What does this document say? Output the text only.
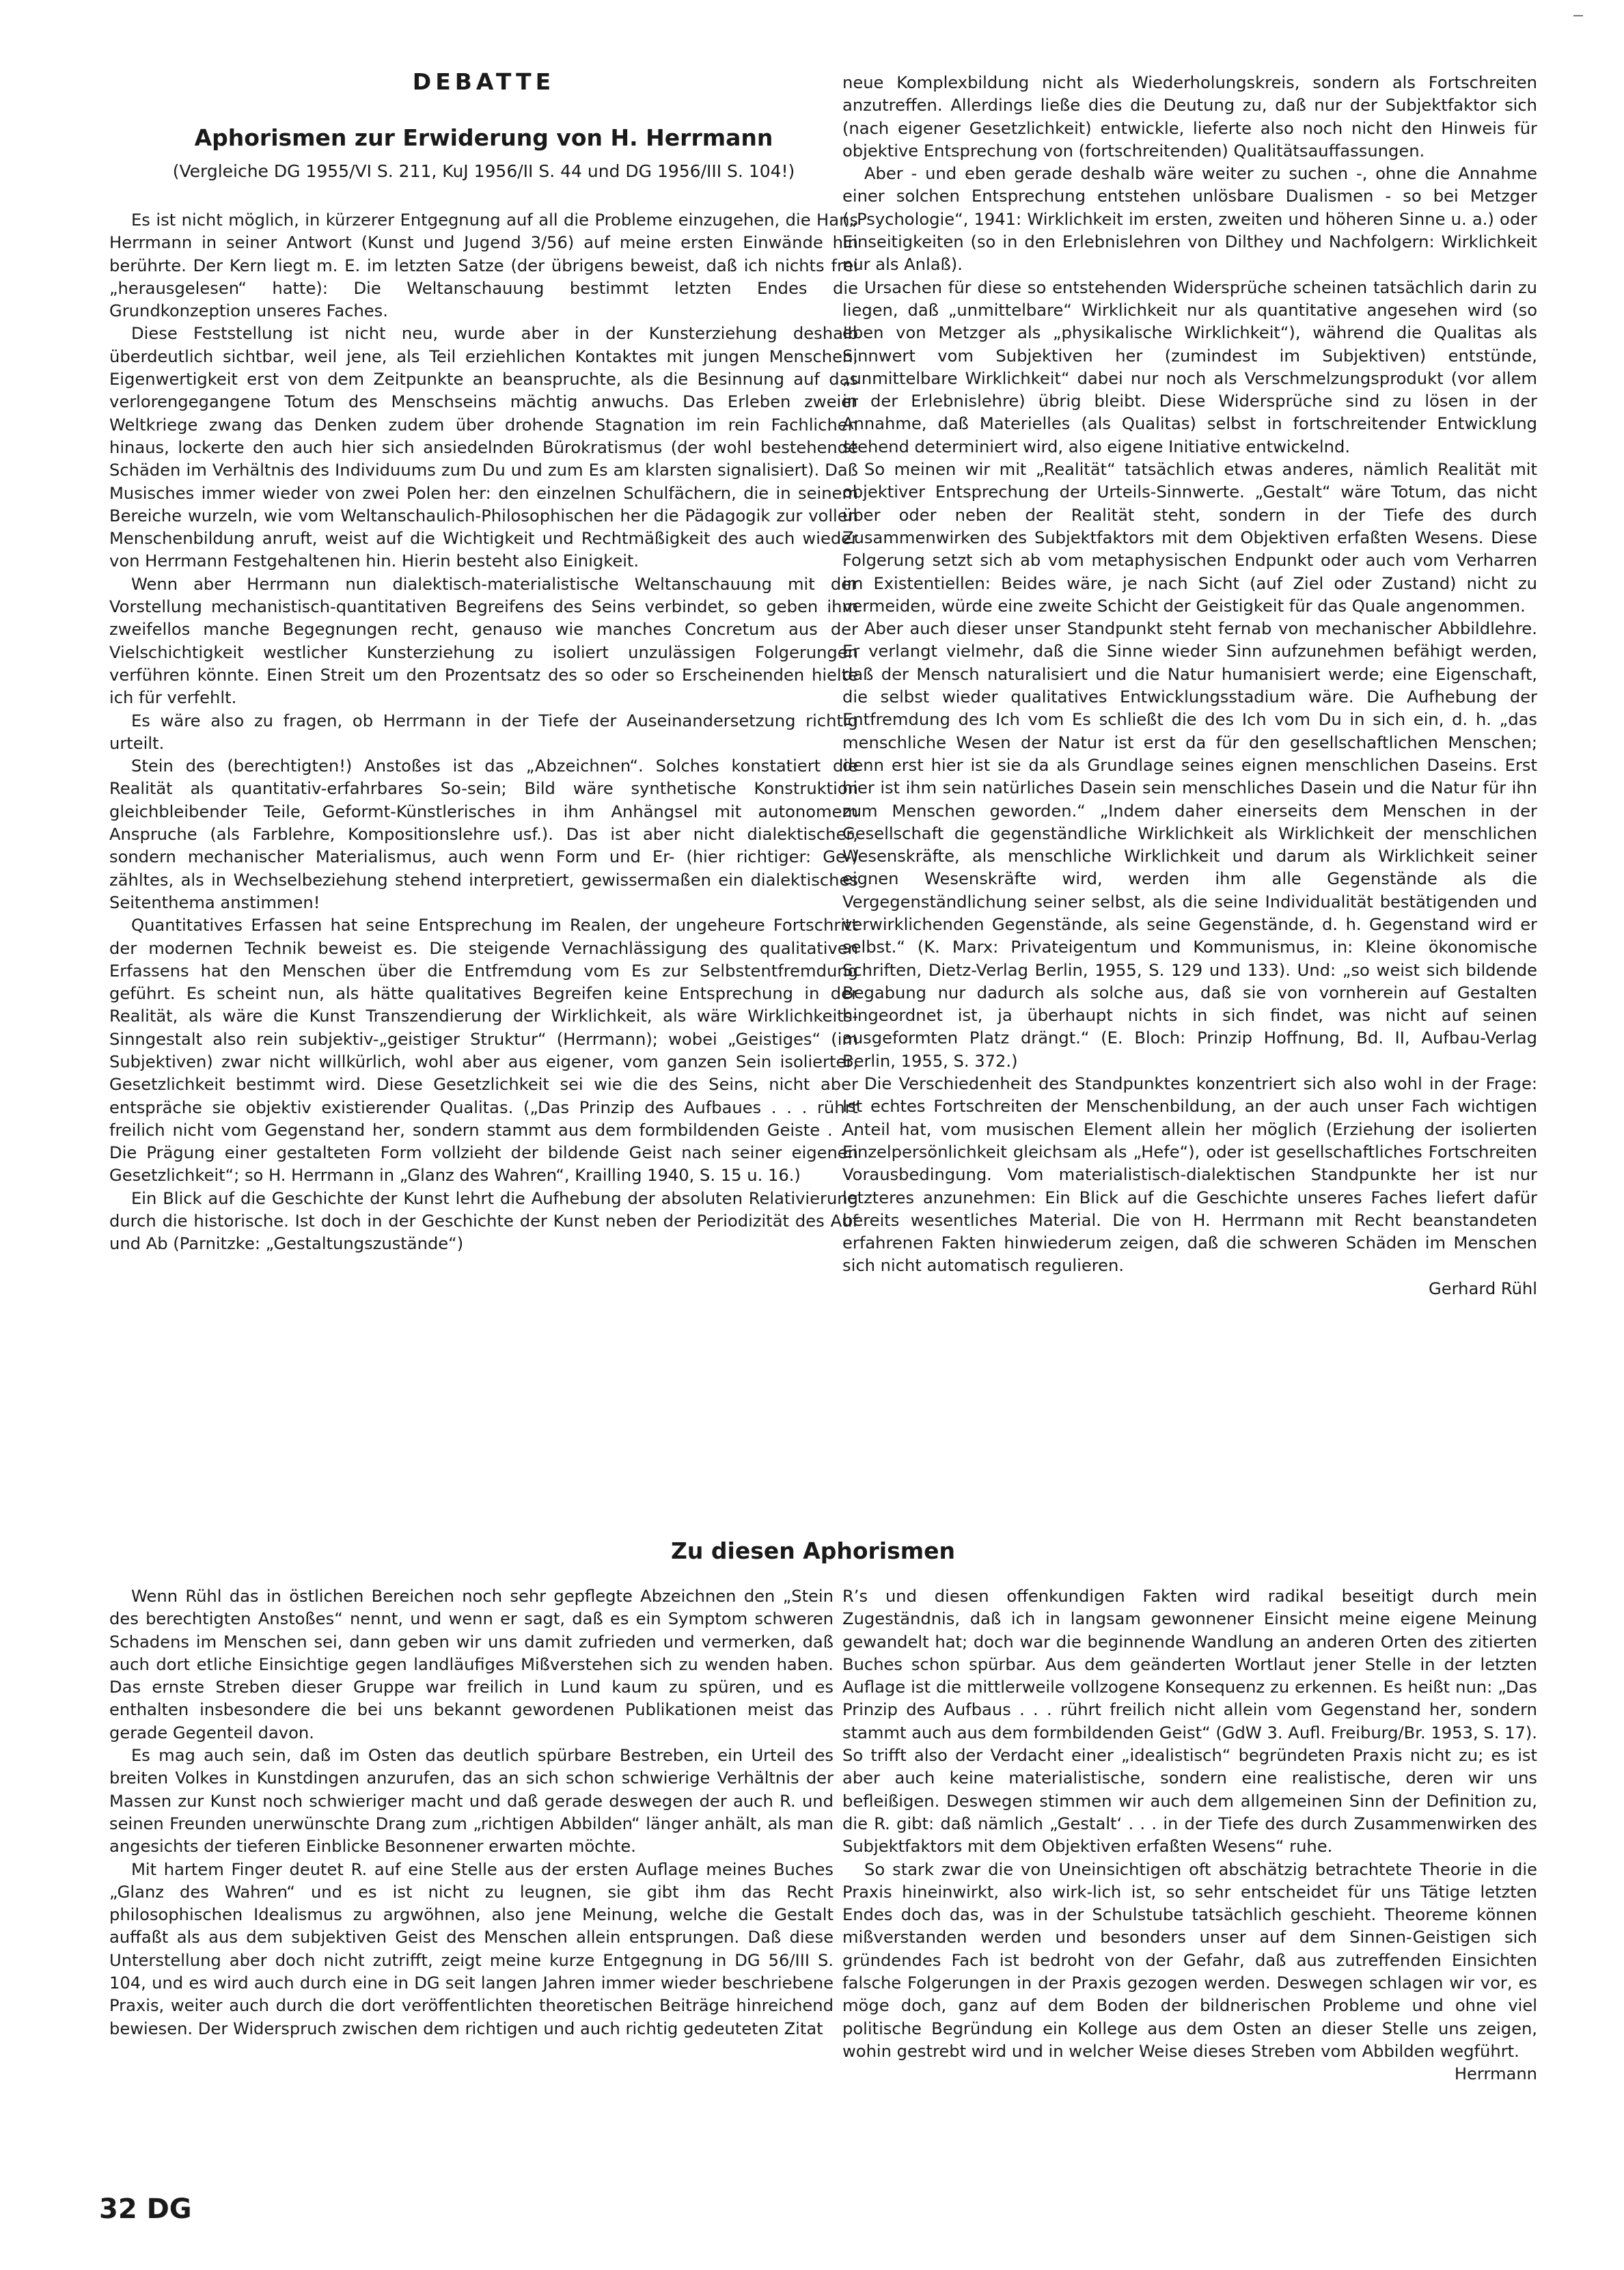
DEBATTE
Aphorismen zur Erwiderung von H. Herrmann
(Vergleiche DG 1955/VI S. 211, KuJ 1956/II S. 44 und DG 1956/III S. 104!)

Es ist nicht möglich, in kürzerer Entgegnung auf all die Probleme einzugehen, die Hans Herrmann in seiner Antwort (Kunst und Jugend 3/56) auf meine ersten Einwände hin berührte. Der Kern liegt m. E. im letzten Satze (der übrigens beweist, daß ich nichts frei „herausgelesen“ hatte): Die Weltanschauung bestimmt letzten Endes die Grundkonzeption unseres Faches.

Diese Feststellung ist nicht neu, wurde aber in der Kunsterziehung deshalb überdeutlich sichtbar, weil jene, als Teil erziehlichen Kontaktes mit jungen Menschen, Eigenwertigkeit erst von dem Zeitpunkte an beanspruchte, als die Besinnung auf das verlorengegangene Totum des Menschseins mächtig anwuchs. Das Erleben zweier Weltkriege zwang das Denken zudem über drohende Stagnation im rein Fachlichen hinaus, lockerte den auch hier sich ansiedelnden Bürokratismus (der wohl bestehende Schäden im Verhältnis des Individuums zum Du und zum Es am klarsten signalisiert). Daß Musisches immer wieder von zwei Polen her: den einzelnen Schulfächern, die in seinem Bereiche wurzeln, wie vom Weltanschaulich-Philosophischen her die Pädagogik zur vollen Menschenbildung anruft, weist auf die Wichtigkeit und Rechtmäßigkeit des auch wieder von Herrmann Festgehaltenen hin. Hierin besteht also Einigkeit.

Wenn aber Herrmann nun dialektisch-materialistische Weltanschauung mit der Vorstellung mechanistisch-quantitativen Begreifens des Seins verbindet, so geben ihm zweifellos manche Begegnungen recht, genauso wie manches Concretum aus der Vielschichtigkeit westlicher Kunsterziehung zu isoliert unzulässigen Folgerungen verführen könnte. Einen Streit um den Prozentsatz des so oder so Erscheinenden hielte ich für verfehlt.

Es wäre also zu fragen, ob Herrmann in der Tiefe der Auseinandersetzung richtig urteilt.

Stein des (berechtigten!) Anstoßes ist das „Abzeichnen“. Solches konstatiert die Realität als quantitativ-erfahrbares So-sein; Bild wäre synthetische Konstruktion gleichbleibender Teile, Geformt-Künstlerisches in ihm Anhängsel mit autonomem Anspruche (als Farblehre, Kompositionslehre usf.). Das ist aber nicht dialektischer, sondern mechanischer Materialismus, auch wenn Form und Er- (hier richtiger: Ge-) zähltes, als in Wechselbeziehung stehend interpretiert, gewissermaßen ein dialektisches Seitenthema anstimmen!

Quantitatives Erfassen hat seine Entsprechung im Realen, der ungeheure Fortschritt der modernen Technik beweist es. Die steigende Vernachlässigung des qualitativen Erfassens hat den Menschen über die Entfremdung vom Es zur Selbstentfremdung geführt. Es scheint nun, als hätte qualitatives Begreifen keine Entsprechung in der Realität, als wäre die Kunst Transzendierung der Wirklichkeit, als wäre Wirklichkeits-Sinngestalt also rein subjektiv-„geistiger Struktur“ (Herrmann); wobei „Geistiges“ (im Subjektiven) zwar nicht willkürlich, wohl aber aus eigener, vom ganzen Sein isolierter, Gesetzlichkeit bestimmt wird. Diese Gesetzlichkeit sei wie die des Seins, nicht aber entspräche sie objektiv existierender Qualitas. („Das Prinzip des Aufbaues . . . rührt freilich nicht vom Gegenstand her, sondern stammt aus dem formbildenden Geiste . . . Die Prägung einer gestalteten Form vollzieht der bildende Geist nach seiner eigenen Gesetzlichkeit“; so H. Herrmann in „Glanz des Wahren“, Krailling 1940, S. 15 u. 16.)

Ein Blick auf die Geschichte der Kunst lehrt die Aufhebung der absoluten Relativierung durch die historische. Ist doch in der Geschichte der Kunst neben der Periodizität des Auf und Ab (Parnitzke: „Gestaltungszustände“)

neue Komplexbildung nicht als Wiederholungskreis, sondern als Fortschreiten anzutreffen. Allerdings ließe dies die Deutung zu, daß nur der Subjektfaktor sich (nach eigener Gesetzlichkeit) entwickle, lieferte also noch nicht den Hinweis für objektive Entsprechung von (fortschreitenden) Qualitätsauffassungen.

Aber - und eben gerade deshalb wäre weiter zu suchen -, ohne die Annahme einer solchen Entsprechung entstehen unlösbare Dualismen - so bei Metzger („Psychologie“, 1941: Wirklichkeit im ersten, zweiten und höheren Sinne u. a.) oder Einseitigkeiten (so in den Erlebnislehren von Dilthey und Nachfolgern: Wirklichkeit nur als Anlaß).

Ursachen für diese so entstehenden Widersprüche scheinen tatsächlich darin zu liegen, daß „unmittelbare“ Wirklichkeit nur als quantitative angesehen wird (so eben von Metzger als „physikalische Wirklichkeit“), während die Qualitas als Sinnwert vom Subjektiven her (zumindest im Subjektiven) entstünde, „unmittelbare Wirklichkeit“ dabei nur noch als Verschmelzungsprodukt (vor allem in der Erlebnislehre) übrig bleibt. Diese Widersprüche sind zu lösen in der Annahme, daß Materielles (als Qualitas) selbst in fortschreitender Entwicklung stehend determiniert wird, also eigene Initiative entwickelnd.

So meinen wir mit „Realität“ tatsächlich etwas anderes, nämlich Realität mit objektiver Entsprechung der Urteils-Sinnwerte. „Gestalt“ wäre Totum, das nicht über oder neben der Realität steht, sondern in der Tiefe des durch Zusammenwirken des Subjektfaktors mit dem Objektiven erfaßten Wesens. Diese Folgerung setzt sich ab vom metaphysischen Endpunkt oder auch vom Verharren im Existentiellen: Beides wäre, je nach Sicht (auf Ziel oder Zustand) nicht zu vermeiden, würde eine zweite Schicht der Geistigkeit für das Quale angenommen.

Aber auch dieser unser Standpunkt steht fernab von mechanischer Abbildlehre. Er verlangt vielmehr, daß die Sinne wieder Sinn aufzunehmen befähigt werden, daß der Mensch naturalisiert und die Natur humanisiert werde; eine Eigenschaft, die selbst wieder qualitatives Entwicklungsstadium wäre. Die Aufhebung der Entfremdung des Ich vom Es schließt die des Ich vom Du in sich ein, d. h. „das menschliche Wesen der Natur ist erst da für den gesellschaftlichen Menschen; denn erst hier ist sie da als Grundlage seines eignen menschlichen Daseins. Erst hier ist ihm sein natürliches Dasein sein menschliches Dasein und die Natur für ihn zum Menschen geworden.“ „Indem daher einerseits dem Menschen in der Gesellschaft die gegenständliche Wirklichkeit als Wirklichkeit der menschlichen Wesenskräfte, als menschliche Wirklichkeit und darum als Wirklichkeit seiner eignen Wesenskräfte wird, werden ihm alle Gegenstände als die Vergegenständlichung seiner selbst, als die seine Individualität bestätigenden und verwirklichenden Gegenstände, als seine Gegenstände, d. h. Gegenstand wird er selbst.“ (K. Marx: Privateigentum und Kommunismus, in: Kleine ökonomische Schriften, Dietz-Verlag Berlin, 1955, S. 129 und 133). Und: „so weist sich bildende Begabung nur dadurch als solche aus, daß sie von vornherein auf Gestalten hingeordnet ist, ja überhaupt nichts in sich findet, was nicht auf seinen ausgeformten Platz drängt.“ (E. Bloch: Prinzip Hoffnung, Bd. II, Aufbau-Verlag Berlin, 1955, S. 372.)

Die Verschiedenheit des Standpunktes konzentriert sich also wohl in der Frage: Ist echtes Fortschreiten der Menschenbildung, an der auch unser Fach wichtigen Anteil hat, vom musischen Element allein her möglich (Erziehung der isolierten Einzelpersönlichkeit gleichsam als „Hefe“), oder ist gesellschaftliches Fortschreiten Vorausbedingung. Vom materialistisch-dialektischen Standpunkte her ist nur letzteres anzunehmen: Ein Blick auf die Geschichte unseres Faches liefert dafür bereits wesentliches Material. Die von H. Herrmann mit Recht beanstandeten erfahrenen Fakten hinwiederum zeigen, daß die schweren Schäden im Menschen sich nicht automatisch regulieren.

Gerhard Rühl

Zu diesen Aphorismen

Wenn Rühl das in östlichen Bereichen noch sehr gepflegte Abzeichnen den „Stein des berechtigten Anstoßes“ nennt, und wenn er sagt, daß es ein Symptom schweren Schadens im Menschen sei, dann geben wir uns damit zufrieden und vermerken, daß auch dort etliche Einsichtige gegen landläufiges Mißverstehen sich zu wenden haben. Das ernste Streben dieser Gruppe war freilich in Lund kaum zu spüren, und es enthalten insbesondere die bei uns bekannt gewordenen Publikationen meist das gerade Gegenteil davon.

Es mag auch sein, daß im Osten das deutlich spürbare Bestreben, ein Urteil des breiten Volkes in Kunstdingen anzurufen, das an sich schon schwierige Verhältnis der Massen zur Kunst noch schwieriger macht und daß gerade deswegen der auch R. und seinen Freunden unerwünschte Drang zum „richtigen Abbilden“ länger anhält, als man angesichts der tieferen Einblicke Besonnener erwarten möchte.

Mit hartem Finger deutet R. auf eine Stelle aus der ersten Auflage meines Buches „Glanz des Wahren“ und es ist nicht zu leugnen, sie gibt ihm das Recht philosophischen Idealismus zu argwöhnen, also jene Meinung, welche die Gestalt auffaßt als aus dem subjektiven Geist des Menschen allein entsprungen. Daß diese Unterstellung aber doch nicht zutrifft, zeigt meine kurze Entgegnung in DG 56/III S. 104, und es wird auch durch eine in DG seit langen Jahren immer wieder beschriebene Praxis, weiter auch durch die dort veröffentlichten theoretischen Beiträge hinreichend bewiesen. Der Widerspruch zwischen dem richtigen und auch richtig gedeuteten Zitat

R’s und diesen offenkundigen Fakten wird radikal beseitigt durch mein Zugeständnis, daß ich in langsam gewonnener Einsicht meine eigene Meinung gewandelt hat; doch war die beginnende Wandlung an anderen Orten des zitierten Buches schon spürbar. Aus dem geänderten Wortlaut jener Stelle in der letzten Auflage ist die mittlerweile vollzogene Konsequenz zu erkennen. Es heißt nun: „Das Prinzip des Aufbaus . . . rührt freilich nicht allein vom Gegenstand her, sondern stammt auch aus dem formbildenden Geist“ (GdW 3. Aufl. Freiburg/Br. 1953, S. 17). So trifft also der Verdacht einer „idealistisch“ begründeten Praxis nicht zu; es ist aber auch keine materialistische, sondern eine realistische, deren wir uns befleißigen. Deswegen stimmen wir auch dem allgemeinen Sinn der Definition zu, die R. gibt: daß nämlich „Gestalt‘ . . . in der Tiefe des durch Zusammenwirken des Subjektfaktors mit dem Objektiven erfaßten Wesens“ ruhe.

So stark zwar die von Uneinsichtigen oft abschätzig betrachtete Theorie in die Praxis hineinwirkt, also wirk-lich ist, so sehr entscheidet für uns Tätige letzten Endes doch das, was in der Schulstube tatsächlich geschieht. Theoreme können mißverstanden werden und besonders unser auf dem Sinnen-Geistigen sich gründendes Fach ist bedroht von der Gefahr, daß aus zutreffenden Einsichten falsche Folgerungen in der Praxis gezogen werden. Deswegen schlagen wir vor, es möge doch, ganz auf dem Boden der bildnerischen Probleme und ohne viel politische Begründung ein Kollege aus dem Osten an dieser Stelle uns zeigen, wohin gestrebt wird und in welcher Weise dieses Streben vom Abbilden wegführt.

Herrmann

32 DG
